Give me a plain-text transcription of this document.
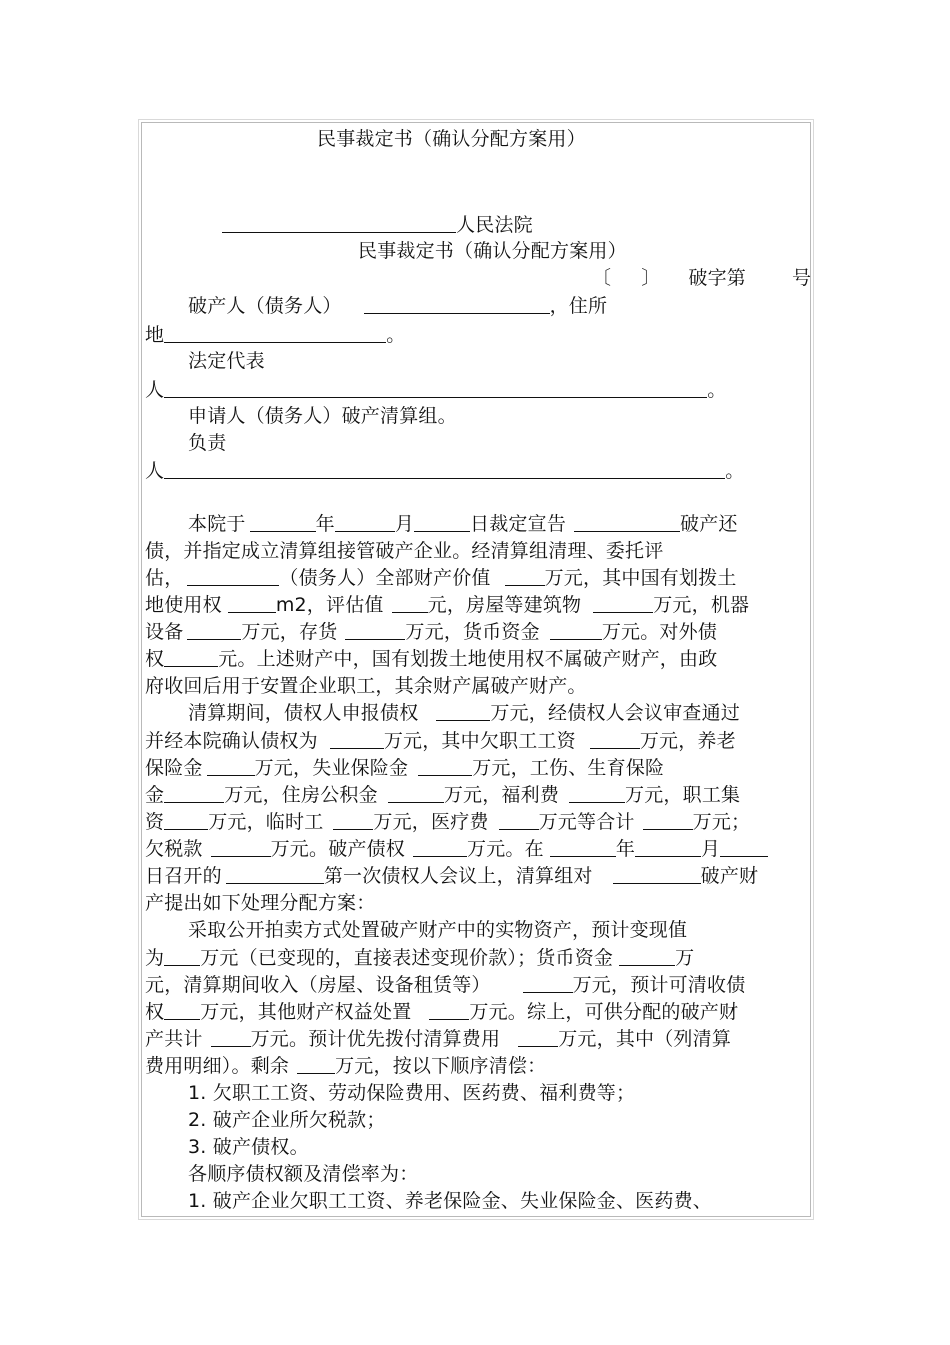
民事裁定书（确认分配方案用）
人民法院
民事裁定书（确认分配方案用）
〔 〕 破字第 号
破产人（债务人）	，住所
地	。
法定代表
人	。
申请人（债务人）破产清算组。
负责
人	。
本院于	年	月	日裁定宣告	破产还
债，并指定成立清算组接管破产企业。经清算组清理、委托评
估，	（债务人）全部财产价值	万元，其中国有划拨土
地使用权	m2，评估值 元，房屋等建筑物	万元，机器
设备	万元，存货	万元，货币资金	万元。对外债
权	元。上述财产中，国有划拨土地使用权不属破产财产，由政
府收回后用于安置企业职工，其余财产属破产财产。
清算期间，债权人申报债权	万元，经债权人会议审查通过
并经本院确认债权为	万元，其中欠职工工资	万元，养老
保险金	万元，失业保险金	万元，工伤、生育保险
金	万元，住房公积金	万元，福利费	万元，职工集
资 万元，临时工	万元，医疗费	万元等合计	万元；
欠税款	万元。破产债权	万元。在	年	月
日召开的	第一次债权人会议上，清算组对	破产财
产提出如下处理分配方案：
采取公开拍卖方式处置破产财产中的实物资产，预计变现值
为 万元（已变现的，直接表述变现价款）；货币资金	万
元，清算期间收入（房屋、设备租赁等）	万元，预计可清收债
权 万元，其他财产权益处置	万元。综上，可供分配的破产财
产共计	万元。预计优先拨付清算费用	万元，其中（列清算
费用明细）。剩余 万元，按以下顺序清偿：
1. 欠职工工资、劳动保险费用、医药费、福利费等；
2. 破产企业所欠税款；
3. 破产债权。
各顺序债权额及清偿率为：
1. 破产企业欠职工工资、养老保险金、失业保险金、医药费、
